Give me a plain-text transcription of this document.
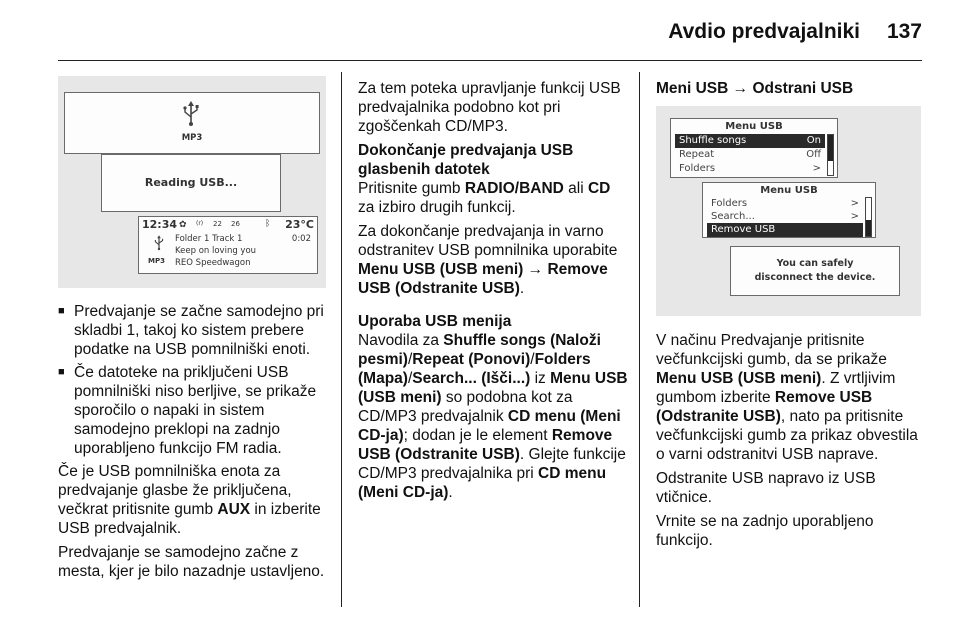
Avdio predvajalniki 137
MP3
Reading USB...
12:34 ✿ (r) 22 26	ᛒ 23°C
MP3
Folder 1 Track 1	0:02
Keep on loving you
REO Speedwagon
■ Predvajanje se začne samodejno pri skladbi 1, takoj ko sistem prebere podatke na USB pomnilniški enoti.
■ Če datoteke na priključeni USB pomnilniški niso berljive, se prikaže sporočilo o napaki in sistem samodejno preklopi na zadnjo uporabljeno funkcijo FM radia.

Če je USB pomnilniška enota za predvajanje glasbe že priključena, večkrat pritisnite gumb AUX in izberite USB predvajalnik.

Predvajanje se samodejno začne z mesta, kjer je bilo nazadnje ustavljeno.

Za tem poteka upravljanje funkcij USB predvajalnika podobno kot pri zgoščenkah CD/MP3.

Dokončanje predvajanja USB glasbenih datotek

Pritisnite gumb RADIO/BAND ali CD za izbiro drugih funkcij.

Za dokončanje predvajanja in varno odstranitev USB pomnilnika uporabite Menu USB (USB meni) → Remove USB (Odstranite USB).

Uporaba USB menija

Navodila za Shuffle songs (Naloži pesmi)/Repeat (Ponovi)/Folders (Mapa)/Search... (Išči...) iz Menu USB (USB meni) so podobna kot za CD/MP3 predvajalnik CD menu (Meni CD-ja); dodan je le element Remove USB (Odstranite USB). Glejte funkcije CD/MP3 predvajalnika pri CD menu (Meni CD-ja).

Meni USB → Odstrani USB
Menu USB
Shuffle songs	On
Repeat	Off
Folders	>
Menu USB
Folders	>
Search...	>
Remove USB
You can safely disconnect the device.

V načinu Predvajanje pritisnite večfunkcijski gumb, da se prikaže Menu USB (USB meni). Z vrtljivim gumbom izberite Remove USB (Odstranite USB), nato pa pritisnite večfunkcijski gumb za prikaz obvestila o varni odstranitvi USB naprave.

Odstranite USB napravo iz USB vtičnice.

Vrnite se na zadnjo uporabljeno funkcijo.
